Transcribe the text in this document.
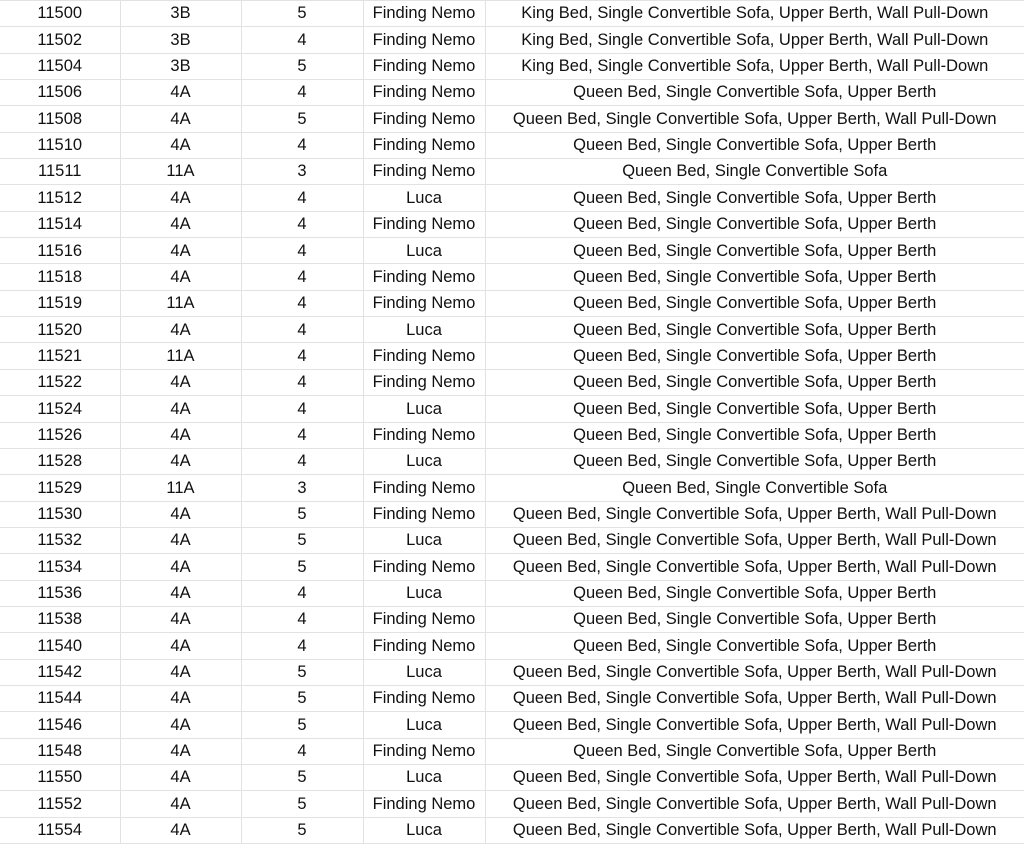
11500	3B	5	Finding Nemo	King Bed, Single Convertible Sofa, Upper Berth, Wall Pull-Down
11502	3B	4	Finding Nemo	King Bed, Single Convertible Sofa, Upper Berth, Wall Pull-Down
11504	3B	5	Finding Nemo	King Bed, Single Convertible Sofa, Upper Berth, Wall Pull-Down
11506	4A	4	Finding Nemo	Queen Bed, Single Convertible Sofa, Upper Berth
11508	4A	5	Finding Nemo	Queen Bed, Single Convertible Sofa, Upper Berth, Wall Pull-Down
11510	4A	4	Finding Nemo	Queen Bed, Single Convertible Sofa, Upper Berth
11511	11A	3	Finding Nemo	Queen Bed, Single Convertible Sofa
11512	4A	4	Luca	Queen Bed, Single Convertible Sofa, Upper Berth
11514	4A	4	Finding Nemo	Queen Bed, Single Convertible Sofa, Upper Berth
11516	4A	4	Luca	Queen Bed, Single Convertible Sofa, Upper Berth
11518	4A	4	Finding Nemo	Queen Bed, Single Convertible Sofa, Upper Berth
11519	11A	4	Finding Nemo	Queen Bed, Single Convertible Sofa, Upper Berth
11520	4A	4	Luca	Queen Bed, Single Convertible Sofa, Upper Berth
11521	11A	4	Finding Nemo	Queen Bed, Single Convertible Sofa, Upper Berth
11522	4A	4	Finding Nemo	Queen Bed, Single Convertible Sofa, Upper Berth
11524	4A	4	Luca	Queen Bed, Single Convertible Sofa, Upper Berth
11526	4A	4	Finding Nemo	Queen Bed, Single Convertible Sofa, Upper Berth
11528	4A	4	Luca	Queen Bed, Single Convertible Sofa, Upper Berth
11529	11A	3	Finding Nemo	Queen Bed, Single Convertible Sofa
11530	4A	5	Finding Nemo	Queen Bed, Single Convertible Sofa, Upper Berth, Wall Pull-Down
11532	4A	5	Luca	Queen Bed, Single Convertible Sofa, Upper Berth, Wall Pull-Down
11534	4A	5	Finding Nemo	Queen Bed, Single Convertible Sofa, Upper Berth, Wall Pull-Down
11536	4A	4	Luca	Queen Bed, Single Convertible Sofa, Upper Berth
11538	4A	4	Finding Nemo	Queen Bed, Single Convertible Sofa, Upper Berth
11540	4A	4	Finding Nemo	Queen Bed, Single Convertible Sofa, Upper Berth
11542	4A	5	Luca	Queen Bed, Single Convertible Sofa, Upper Berth, Wall Pull-Down
11544	4A	5	Finding Nemo	Queen Bed, Single Convertible Sofa, Upper Berth, Wall Pull-Down
11546	4A	5	Luca	Queen Bed, Single Convertible Sofa, Upper Berth, Wall Pull-Down
11548	4A	4	Finding Nemo	Queen Bed, Single Convertible Sofa, Upper Berth
11550	4A	5	Luca	Queen Bed, Single Convertible Sofa, Upper Berth, Wall Pull-Down
11552	4A	5	Finding Nemo	Queen Bed, Single Convertible Sofa, Upper Berth, Wall Pull-Down
11554	4A	5	Luca	Queen Bed, Single Convertible Sofa, Upper Berth, Wall Pull-Down
